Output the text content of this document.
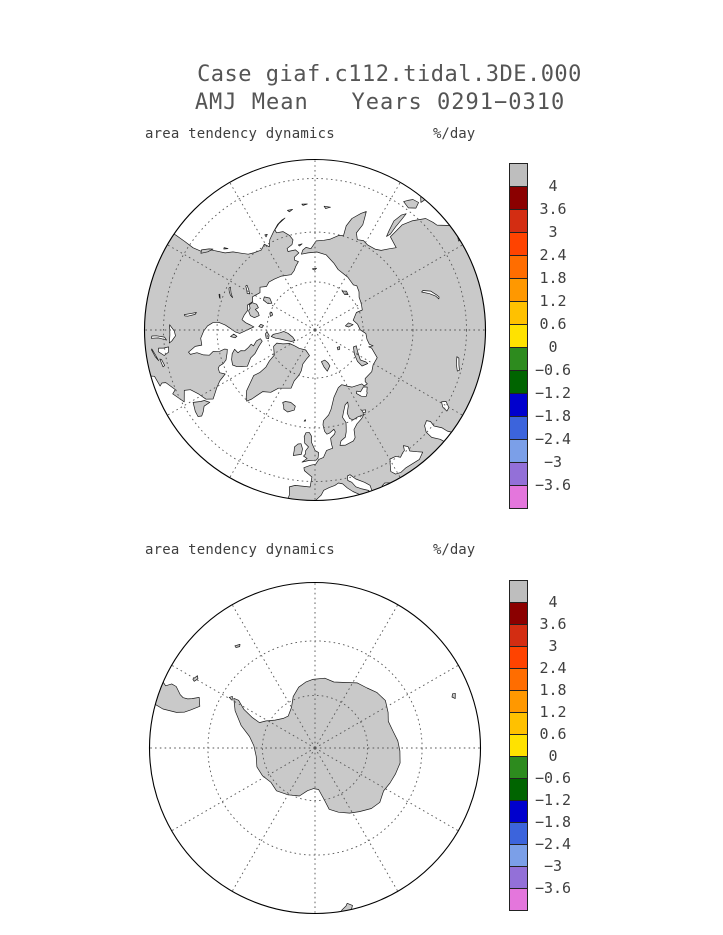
Case giaf.c112.tidal.3DE.000
AMJ Mean   Years 0291−0310
area tendency dynamics	%/day
4
3.6
3
2.4
1.8
1.2
0.6
0
−0.6
−1.2
−1.8
−2.4
−3
−3.6
area tendency dynamics	%/day
4
3.6
3
2.4
1.8
1.2
0.6
0
−0.6
−1.2
−1.8
−2.4
−3
−3.6
